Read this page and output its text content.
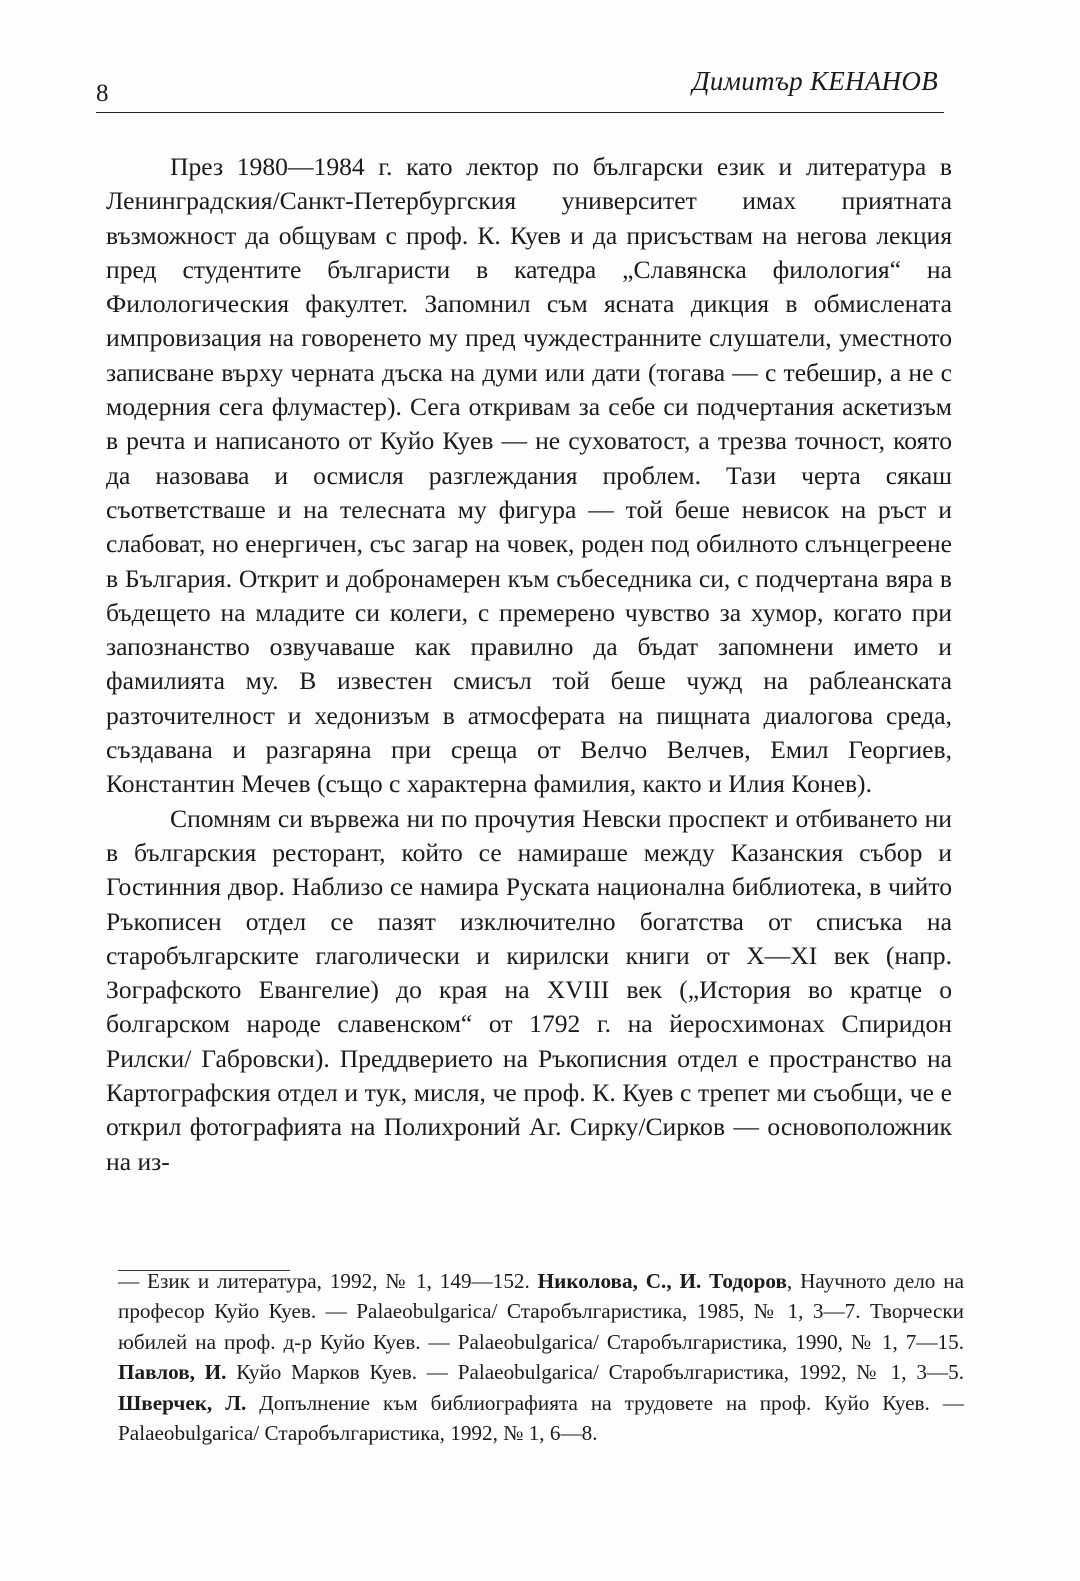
8	Димитър КЕНАНОВ

През 1980—1984 г. като лектор по български език и литература в Ленинградския/Санкт-Петербургския университет имах приятната възможност да общувам с проф. К. Куев и да присъствам на негова лекция пред студентите българисти в катедра „Славянска филология“ на Филологическия факултет. Запомнил съм ясната дикция в обмислената импровизация на говоренето му пред чуждестранните слушатели, уместното записване върху черната дъска на думи или дати (тогава — с тебешир, а не с модерния сега флумастер). Сега откривам за себе си подчертания аскетизъм в речта и написаното от Куйо Куев — не суховатост, а трезва точност, която да назовава и осмисля разглеждания проблем. Тази черта сякаш съответстваше и на телесната му фигура — той беше невисок на ръст и слабоват, но енергичен, със загар на човек, роден под обилното слънцегреене в България. Открит и добронамерен към събеседника си, с подчертана вяра в бъдещето на младите си колеги, с премерено чувство за хумор, когато при запознанство озвучаваше как правилно да бъдат запомнени името и фамилията му. В известен смисъл той беше чужд на раблеанската разточителност и хедонизъм в атмосферата на пищната диалогова среда, създавана и разгаряна при среща от Велчо Велчев, Емил Георгиев, Константин Мечев (също с характерна фамилия, както и Илия Конев).

Спомням си вървежа ни по прочутия Невски проспект и отбиването ни в българския ресторант, който се намираше между Казанския събор и Гостинния двор. Наблизо се намира Руската национална библиотека, в чийто Ръкописен отдел се пазят изключително богатства от списъка на старобългарските глаголически и кирилски книги от X—XI век (напр. Зографското Евангелие) до края на XVIII век („История во кратце о болгарском народе славенском“ от 1792 г. на йеросхимонах Спиридон Рилски/ Габровски). Преддверието на Ръкописния отдел е пространство на Картографския отдел и тук, мисля, че проф. К. Куев с трепет ми съобщи, че е открил фотографията на Полихроний Аг. Сирку/Сирков — основоположник на из-

— Език и литература, 1992, № 1, 149—152. Николова, С., И. Тодоров, Научното дело на професор Куйо Куев. — Palaeobulgarica/ Старобългаристика, 1985, № 1, 3—7. Творчески юбилей на проф. д-р Куйо Куев. — Palaeobulgarica/ Старобългаристика, 1990, № 1, 7—15. Павлов, И. Куйо Марков Куев. — Palaeobulgarica/ Старобългаристика, 1992, № 1, 3—5. Шверчек, Л. Допълнение към библиографията на трудовете на проф. Куйо Куев. — Palaeobulgarica/ Старобългаристика, 1992, № 1, 6—8.
